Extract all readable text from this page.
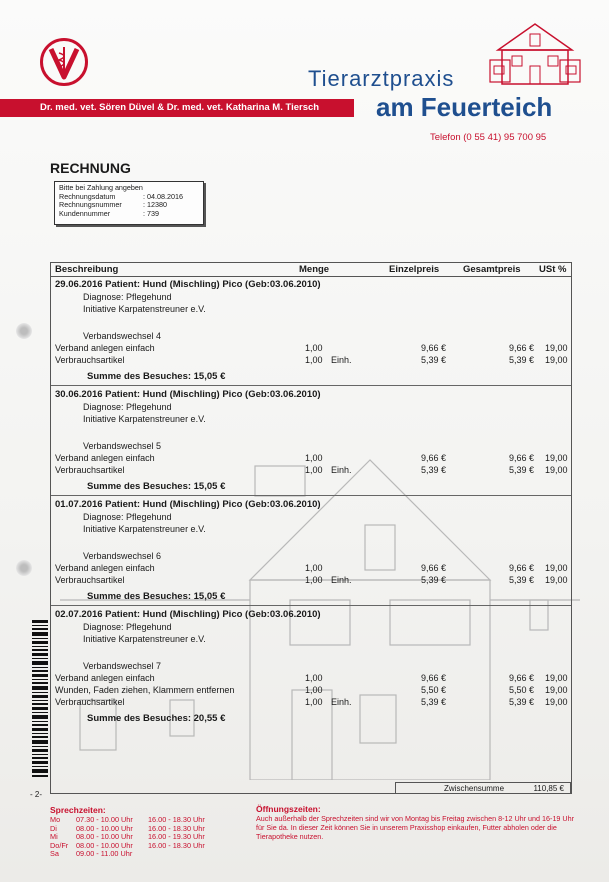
Dr. med. vet. Sören Düvel & Dr. med. vet. Katharina M. Tiersch
Tierarztpraxis
am Feuerteich
Telefon (0 55 41) 95 700 95
RECHNUNG
Bitte bei Zahlung angeben
Rechnungsdatum	: 04.08.2016
Rechnungsnummer	: 12380
Kundennummer	: 739
Beschreibung	Menge	Einzelpreis	Gesamtpreis USt %
29.06.2016 Patient: Hund (Mischling) Pico (Geb:03.06.2010)
Diagnose: Pflegehund
Initiative Karpatenstreuner e.V.
Verbandswechsel 4
Verband anlegen einfach	1,00	9,66 €	9,66 € 19,00
Verbrauchsartikel	1,00 Einh.	5,39 €	5,39 € 19,00
Summe des Besuches: 15,05 €
30.06.2016 Patient: Hund (Mischling) Pico (Geb:03.06.2010)
Diagnose: Pflegehund
Initiative Karpatenstreuner e.V.
Verbandswechsel 5
Verband anlegen einfach	1,00	9,66 €	9,66 € 19,00
Verbrauchsartikel	1,00 Einh.	5,39 €	5,39 € 19,00
Summe des Besuches: 15,05 €
01.07.2016 Patient: Hund (Mischling) Pico (Geb:03.06.2010)
Diagnose: Pflegehund
Initiative Karpatenstreuner e.V.
Verbandswechsel 6
Verband anlegen einfach	1,00	9,66 €	9,66 € 19,00
Verbrauchsartikel	1,00 Einh.	5,39 €	5,39 € 19,00
Summe des Besuches: 15,05 €
02.07.2016 Patient: Hund (Mischling) Pico (Geb:03.06.2010)
Diagnose: Pflegehund
Initiative Karpatenstreuner e.V.
Verbandswechsel 7
Verband anlegen einfach	1,00	9,66 €	9,66 € 19,00
Wunden, Faden ziehen, Klammern entfernen	1,00	5,50 €	5,50 € 19,00
Verbrauchsartikel	1,00 Einh.	5,39 €	5,39 € 19,00
Summe des Besuches: 20,55 €
Zwischensumme	110,85 €
- 2-
Sprechzeiten:
Mo	07.30 - 10.00 Uhr	16.00 - 18.30 Uhr
Di	08.00 - 10.00 Uhr	16.00 - 18.30 Uhr
Mi	08.00 - 10.00 Uhr	16.00 - 19.30 Uhr
Do/Fr	08.00 - 10.00 Uhr	16.00 - 18.30 Uhr
Sa	09.00 - 11.00 Uhr
Öffnungszeiten:
Auch außerhalb der Sprechzeiten sind wir von Montag bis Freitag zwischen 8-12 Uhr und 16-19 Uhr für Sie da. In dieser Zeit können Sie in unserem Praxisshop einkaufen, Futter abholen oder die Tierapotheke nutzen.
